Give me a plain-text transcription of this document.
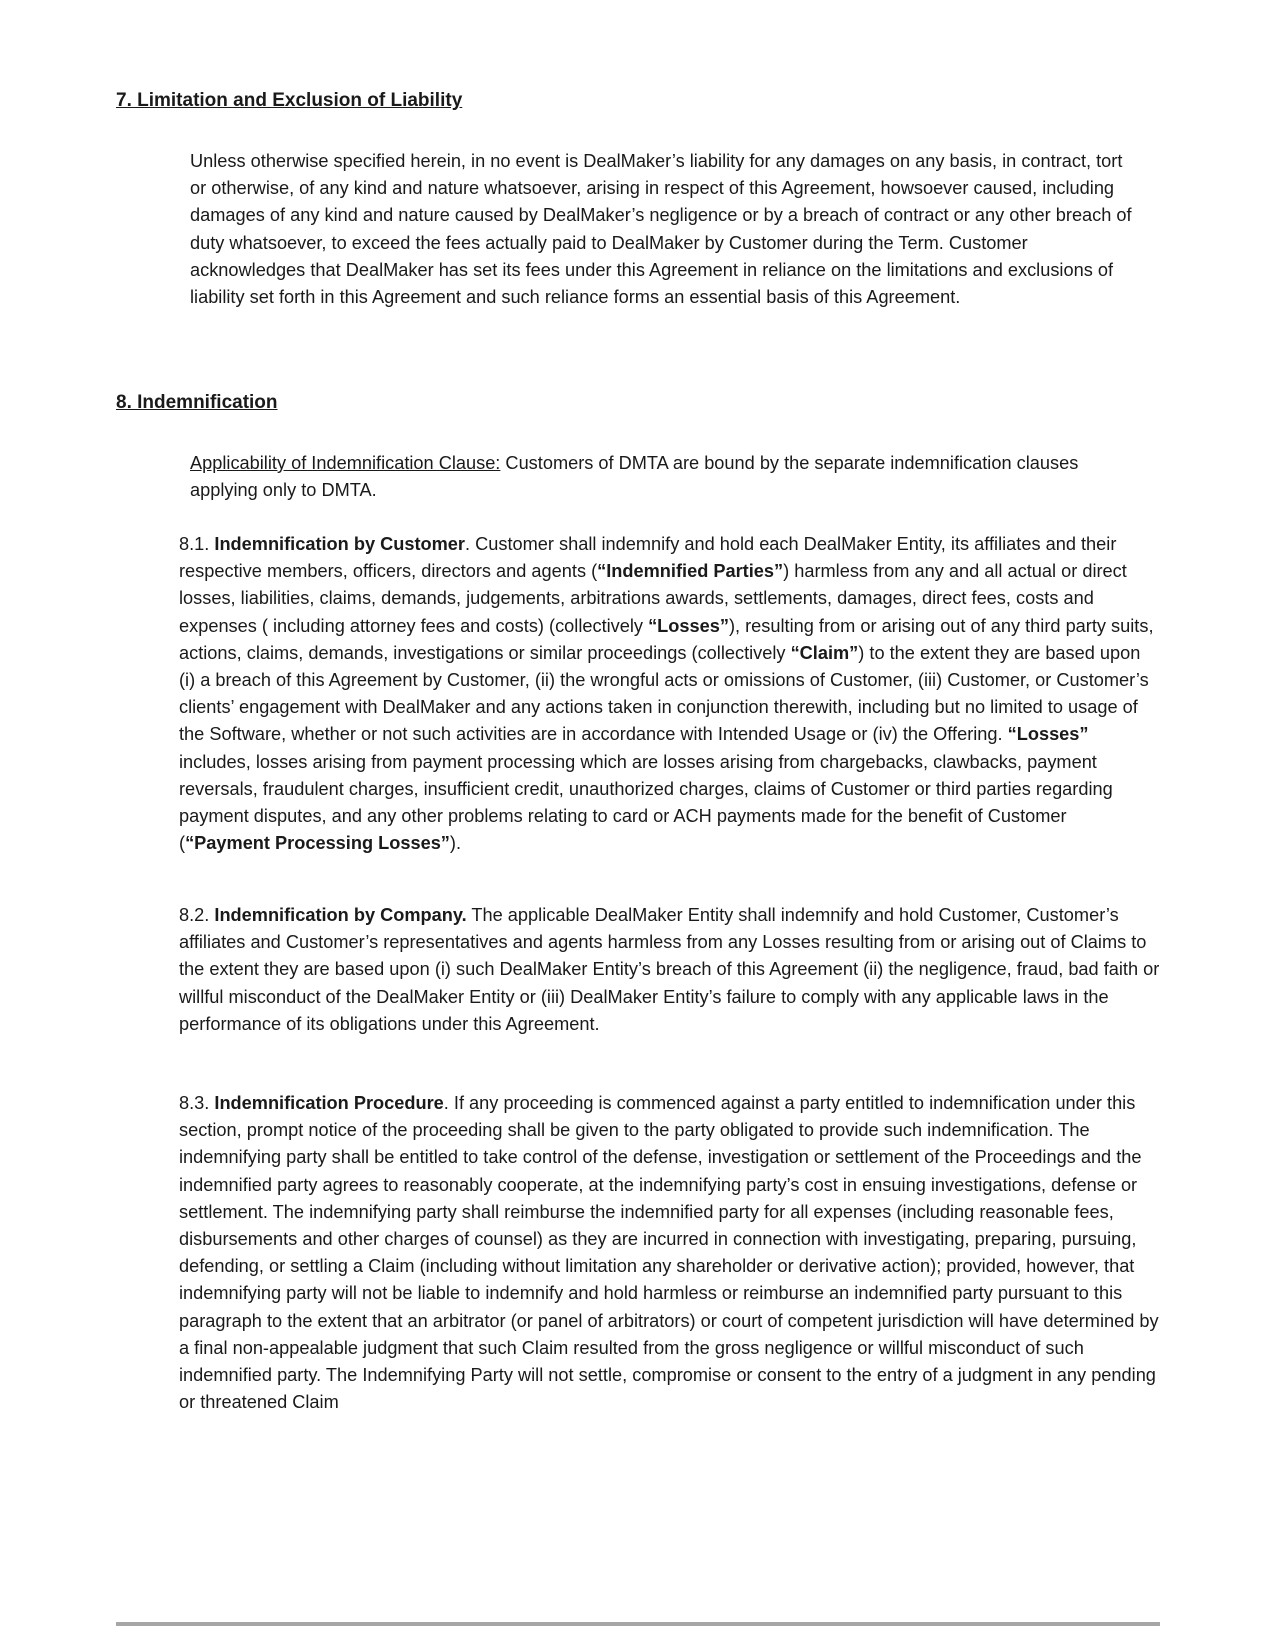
7. Limitation and Exclusion of Liability

Unless otherwise specified herein, in no event is DealMaker’s liability for any damages on any basis, in contract, tort or otherwise, of any kind and nature whatsoever, arising in respect of this Agreement, howsoever caused, including damages of any kind and nature caused by DealMaker’s negligence or by a breach of contract or any other breach of duty whatsoever, to exceed the fees actually paid to DealMaker by Customer during the Term. Customer acknowledges that DealMaker has set its fees under this Agreement in reliance on the limitations and exclusions of liability set forth in this Agreement and such reliance forms an essential basis of this Agreement.

8. Indemnification

Applicability of Indemnification Clause: Customers of DMTA are bound by the separate indemnification clauses applying only to DMTA.

8.1. Indemnification by Customer. Customer shall indemnify and hold each DealMaker Entity, its affiliates and their respective members, officers, directors and agents (“Indemnified Parties”) harmless from any and all actual or direct losses, liabilities, claims, demands, judgements, arbitrations awards, settlements, damages, direct fees, costs and expenses ( including attorney fees and costs) (collectively “Losses”), resulting from or arising out of any third party suits, actions, claims, demands, investigations or similar proceedings (collectively “Claim”) to the extent they are based upon (i) a breach of this Agreement by Customer, (ii) the wrongful acts or omissions of Customer, (iii) Customer, or Customer’s clients’ engagement with DealMaker and any actions taken in conjunction therewith, including but no limited to usage of the Software, whether or not such activities are in accordance with Intended Usage or (iv) the Offering. “Losses” includes, losses arising from payment processing which are losses arising from chargebacks, clawbacks, payment reversals, fraudulent charges, insufficient credit, unauthorized charges, claims of Customer or third parties regarding payment disputes, and any other problems relating to card or ACH payments made for the benefit of Customer (“Payment Processing Losses”).

8.2. Indemnification by Company. The applicable DealMaker Entity shall indemnify and hold Customer, Customer’s affiliates and Customer’s representatives and agents harmless from any Losses resulting from or arising out of Claims to the extent they are based upon (i) such DealMaker Entity’s breach of this Agreement (ii) the negligence, fraud, bad faith or willful misconduct of the DealMaker Entity or (iii) DealMaker Entity’s failure to comply with any applicable laws in the performance of its obligations under this Agreement.

8.3. Indemnification Procedure. If any proceeding is commenced against a party entitled to indemnification under this section, prompt notice of the proceeding shall be given to the party obligated to provide such indemnification. The indemnifying party shall be entitled to take control of the defense, investigation or settlement of the Proceedings and the indemnified party agrees to reasonably cooperate, at the indemnifying party’s cost in ensuing investigations, defense or settlement. The indemnifying party shall reimburse the indemnified party for all expenses (including reasonable fees, disbursements and other charges of counsel) as they are incurred in connection with investigating, preparing, pursuing, defending, or settling a Claim (including without limitation any shareholder or derivative action); provided, however, that indemnifying party will not be liable to indemnify and hold harmless or reimburse an indemnified party pursuant to this paragraph to the extent that an arbitrator (or panel of arbitrators) or court of competent jurisdiction will have determined by a final non-appealable judgment that such Claim resulted from the gross negligence or willful misconduct of such indemnified party. The Indemnifying Party will not settle, compromise or consent to the entry of a judgment in any pending or threatened Claim
